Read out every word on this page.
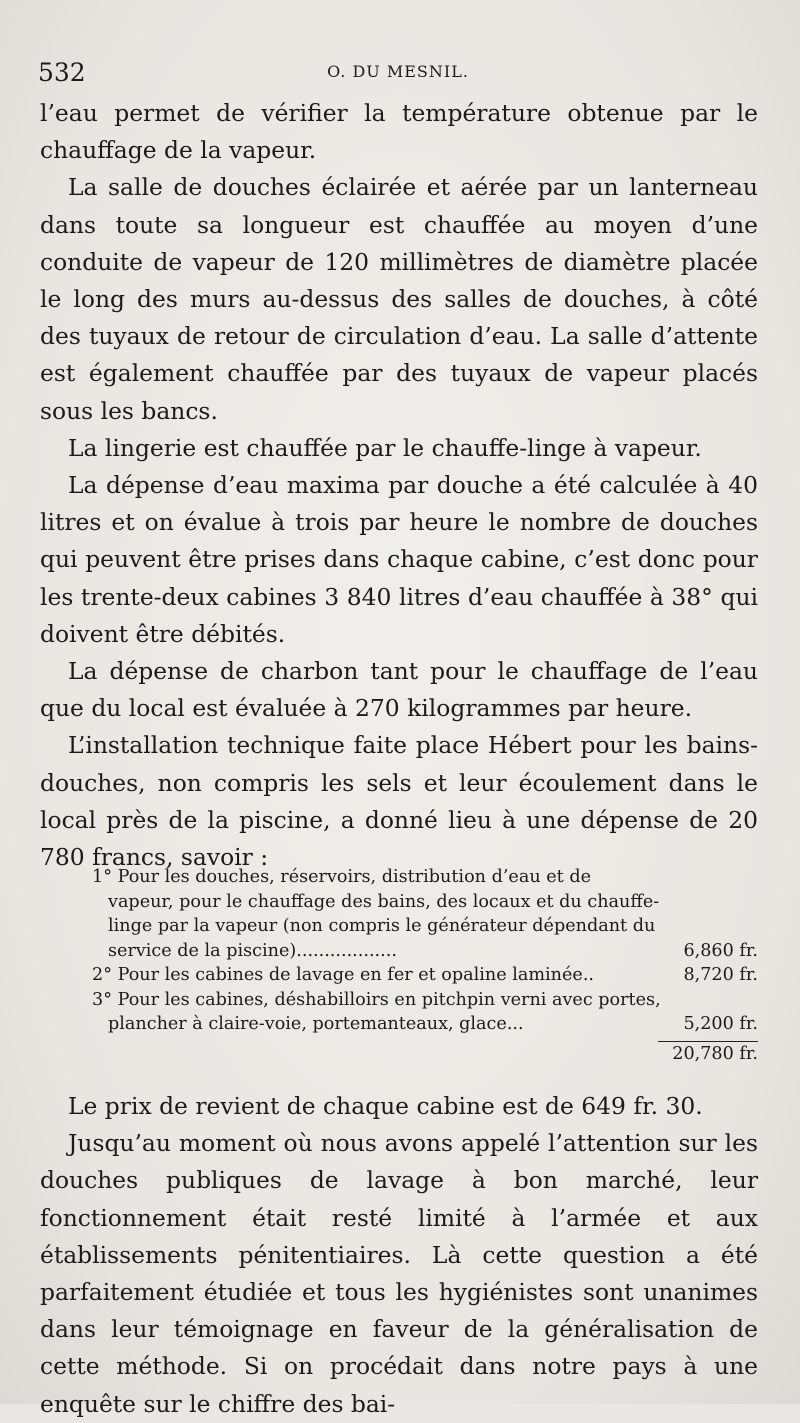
532	O. DU MESNIL.

l’eau permet de vérifier la température obtenue par le chauffage de la vapeur.

La salle de douches éclairée et aérée par un lanterneau dans toute sa longueur est chauffée au moyen d’une conduite de vapeur de 120 millimètres de diamètre placée le long des murs au-dessus des salles de douches, à côté des tuyaux de retour de circulation d’eau. La salle d’attente est également chauffée par des tuyaux de vapeur placés sous les bancs.

La lingerie est chauffée par le chauffe-linge à vapeur.

La dépense d’eau maxima par douche a été calculée à 40 litres et on évalue à trois par heure le nombre de douches qui peuvent être prises dans chaque cabine, c’est donc pour les trente-deux cabines 3 840 litres d’eau chauffée à 38° qui doivent être débités.

La dépense de charbon tant pour le chauffage de l’eau que du local est évaluée à 270 kilogrammes par heure.

L’installation technique faite place Hébert pour les bains-douches, non compris les sels et leur écoulement dans le local près de la piscine, a donné lieu à une dépense de 20 780 francs, savoir :

1° Pour les douches, réservoirs, distribution d’eau et de vapeur, pour le chauffage des bains, des locaux et du chauffe-linge par la vapeur (non compris le générateur dépendant du service de la piscine)..................	6,860 fr.
2° Pour les cabines de lavage en fer et opaline laminée..	8,720 fr.
3° Pour les cabines, déshabilloirs en pitchpin verni avec portes, plancher à claire-voie, portemanteaux, glace...	5,200 fr.
20,780 fr.

Le prix de revient de chaque cabine est de 649 fr. 30.

Jusqu’au moment où nous avons appelé l’attention sur les douches publiques de lavage à bon marché, leur fonctionnement était resté limité à l’armée et aux établissements pénitentiaires. Là cette question a été parfaitement étudiée et tous les hygiénistes sont unanimes dans leur témoignage en faveur de la généralisation de cette méthode. Si on procédait dans notre pays à une enquête sur le chiffre des bai-
